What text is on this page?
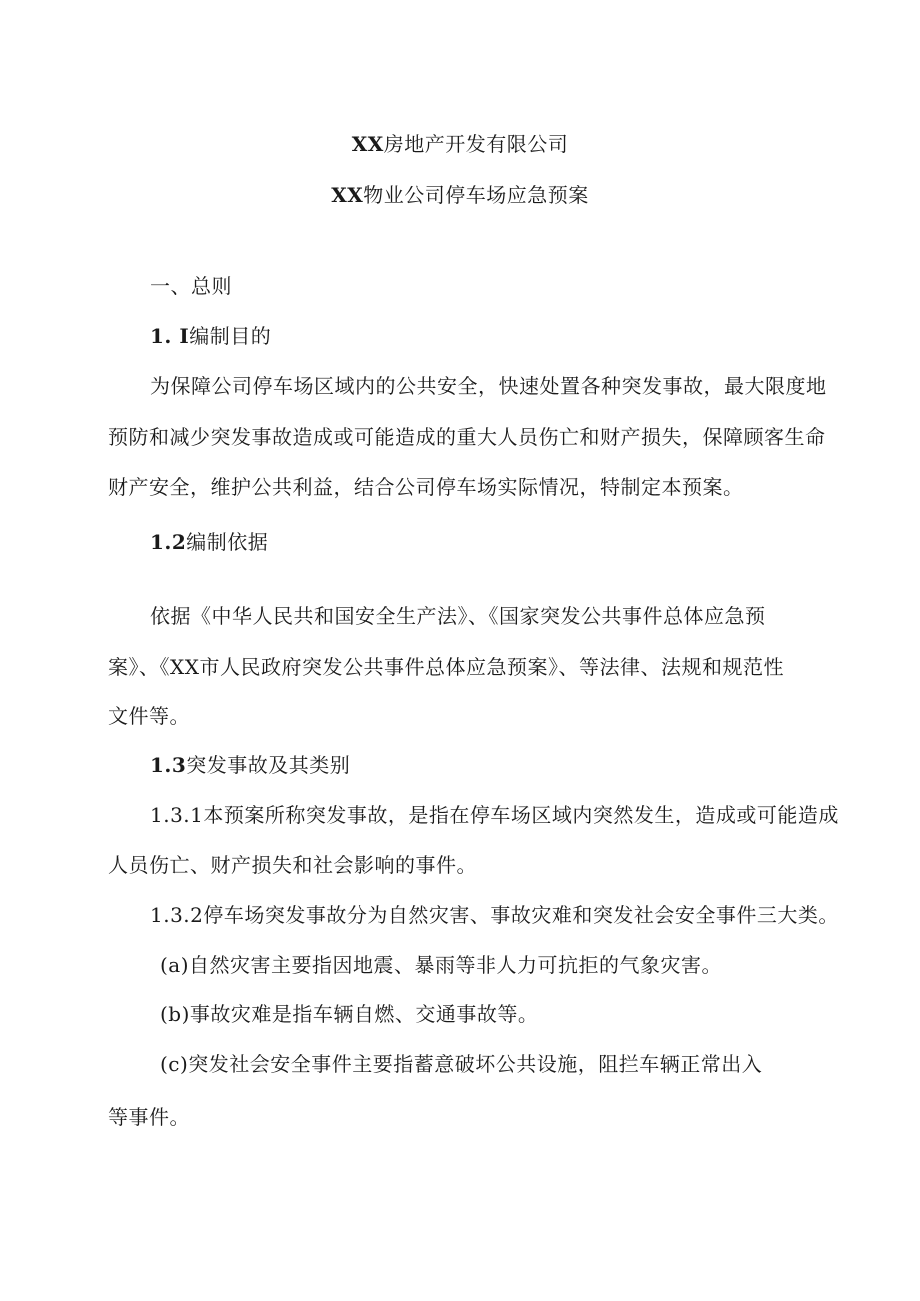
XX房地产开发有限公司
XX物业公司停车场应急预案
一、总则
1. I编制目的
为保障公司停车场区域内的公共安全，快速处置各种突发事故，最大限度地
预防和减少突发事故造成或可能造成的重大人员伤亡和财产损失，保障顾客生命
财产安全，维护公共利益，结合公司停车场实际情况，特制定本预案。
1.2编制依据
依据《中华人民共和国安全生产法》、《国家突发公共事件总体应急预
案》、《XX市人民政府突发公共事件总体应急预案》、等法律、法规和规范性
文件等。
1.3突发事故及其类别
1.3.1本预案所称突发事故，是指在停车场区域内突然发生，造成或可能造成
人员伤亡、财产损失和社会影响的事件。
1.3.2停车场突发事故分为自然灾害、事故灾难和突发社会安全事件三大类。
(a)自然灾害主要指因地震、暴雨等非人力可抗拒的气象灾害。
(b)事故灾难是指车辆自燃、交通事故等。
(c)突发社会安全事件主要指蓄意破坏公共设施，阻拦车辆正常出入
等事件。
